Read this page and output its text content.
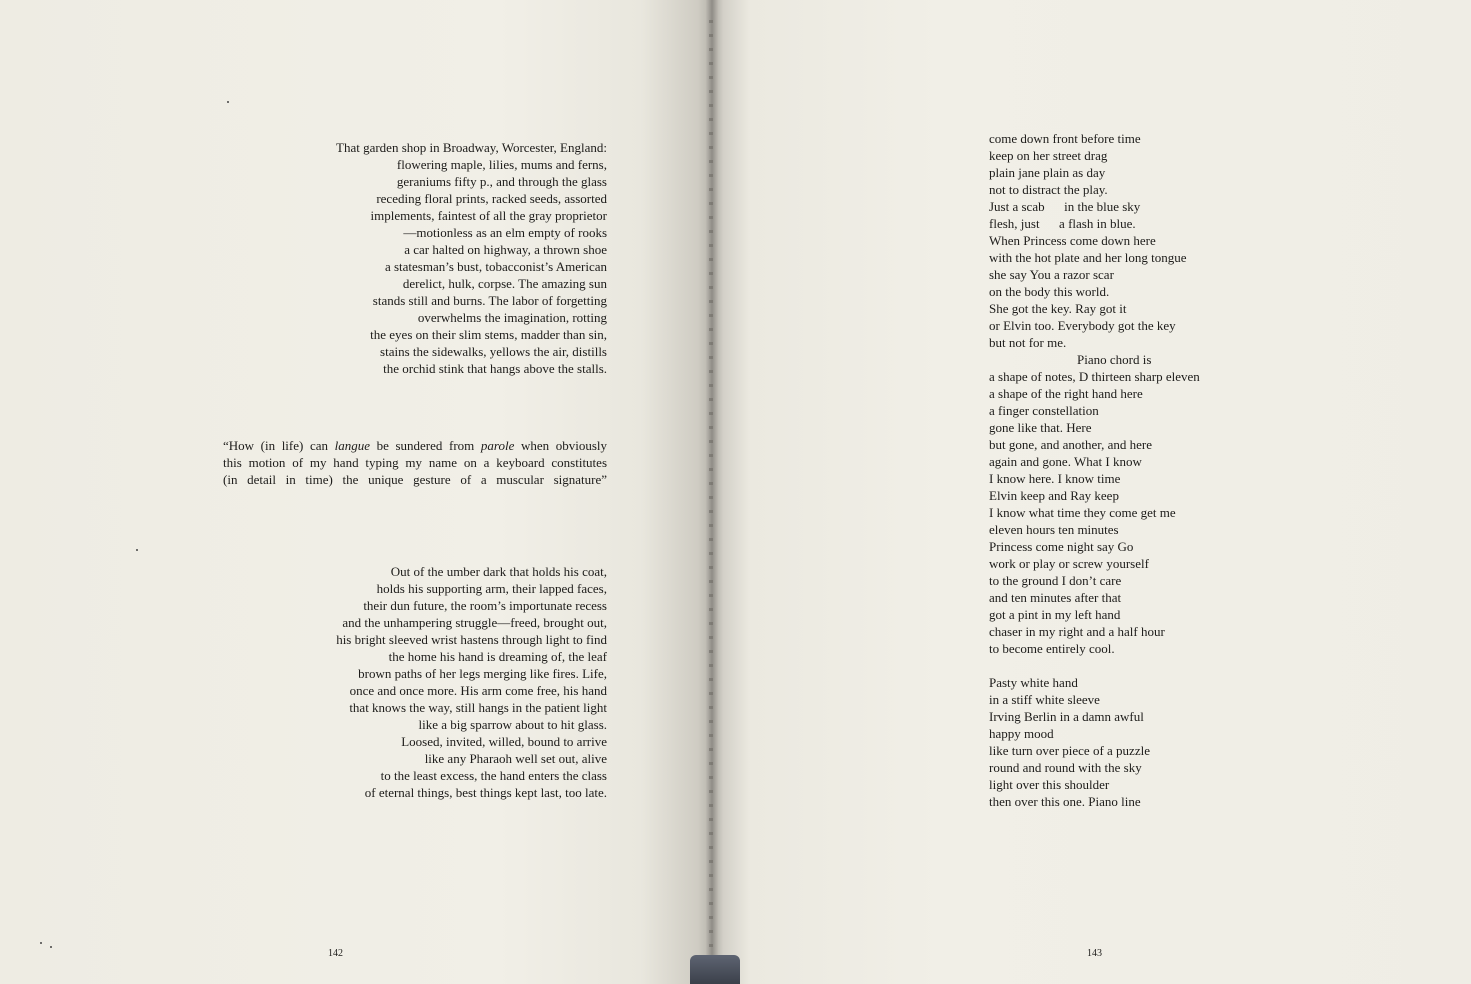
That garden shop in Broadway, Worcester, England:
flowering maple, lilies, mums and ferns,
geraniums fifty p., and through the glass
receding floral prints, racked seeds, assorted
implements, faintest of all the gray proprietor
—motionless as an elm empty of rooks
a car halted on highway, a thrown shoe
a statesman’s bust, tobacconist’s American
derelict, hulk, corpse. The amazing sun
stands still and burns. The labor of forgetting
overwhelms the imagination, rotting
the eyes on their slim stems, madder than sin,
stains the sidewalks, yellows the air, distills
the orchid stink that hangs above the stalls.
“How (in life) can langue be sundered from parole when obviously
this motion of my hand typing my name on a keyboard constitutes
(in detail in time) the unique gesture of a muscular signature”
Out of the umber dark that holds his coat,
holds his supporting arm, their lapped faces,
their dun future, the room’s importunate recess
and the unhampering struggle—freed, brought out,
his bright sleeved wrist hastens through light to find
the home his hand is dreaming of, the leaf
brown paths of her legs merging like fires. Life,
once and once more. His arm come free, his hand
that knows the way, still hangs in the patient light
like a big sparrow about to hit glass.
Loosed, invited, willed, bound to arrive
like any Pharaoh well set out, alive
to the least excess, the hand enters the class
of eternal things, best things kept last, too late.
142
come down front before time
keep on her street drag
plain jane plain as day
not to distract the play.
Just a scab      in the blue sky
flesh, just      a flash in blue.
When Princess come down here
with the hot plate and her long tongue
she say You a razor scar
on the body this world.
She got the key. Ray got it
or Elvin too. Everybody got the key
but not for me.
Piano chord is
a shape of notes, D thirteen sharp eleven
a shape of the right hand here
a finger constellation
gone like that. Here
but gone, and another, and here
again and gone. What I know
I know here. I know time
Elvin keep and Ray keep
I know what time they come get me
eleven hours ten minutes
Princess come night say Go
work or play or screw yourself
to the ground I don’t care
and ten minutes after that
got a pint in my left hand
chaser in my right and a half hour
to become entirely cool.
Pasty white hand
in a stiff white sleeve
Irving Berlin in a damn awful
happy mood
like turn over piece of a puzzle
round and round with the sky
light over this shoulder
then over this one. Piano line
143
